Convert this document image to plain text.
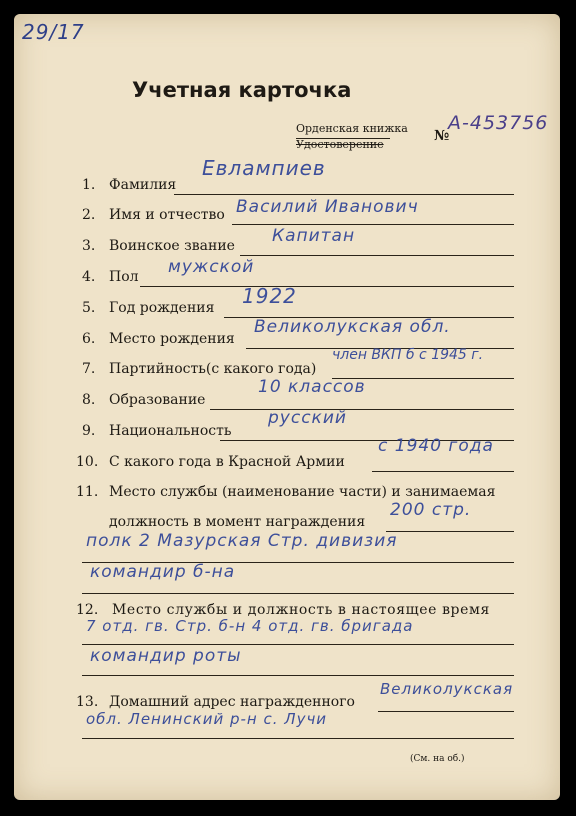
29/17
Учетная карточка
Орденская книжка
Удостоверение
№
А-453756
1. Фамилия
Евлампиев
2. Имя и отчество Василий Иванович
3. Воинское звание Капитан
4. Пол мужской
5. Год рождения 1922
6. Место рождения
Великолукская обл.
7. Партийность(с какого года)
член ВКП б с 1945 г.
8. Образование
10 классов
9. Национальность
русский
10. С какого года в Красной Армии
с 1940 года
11. Место службы (наименование части) и занимаемая
должность в момент награждения
200 стр.
полк 2 Мазурская Стр. дивизия
командир б-на
12. Место службы и должность в настоящее время
7 отд. гв. Стр. б-н 4 отд. гв. бригада
командир роты
13. Домашний адрес награжденного
Великолукская
обл. Ленинский р-н с. Лучи
(См. на об.)
